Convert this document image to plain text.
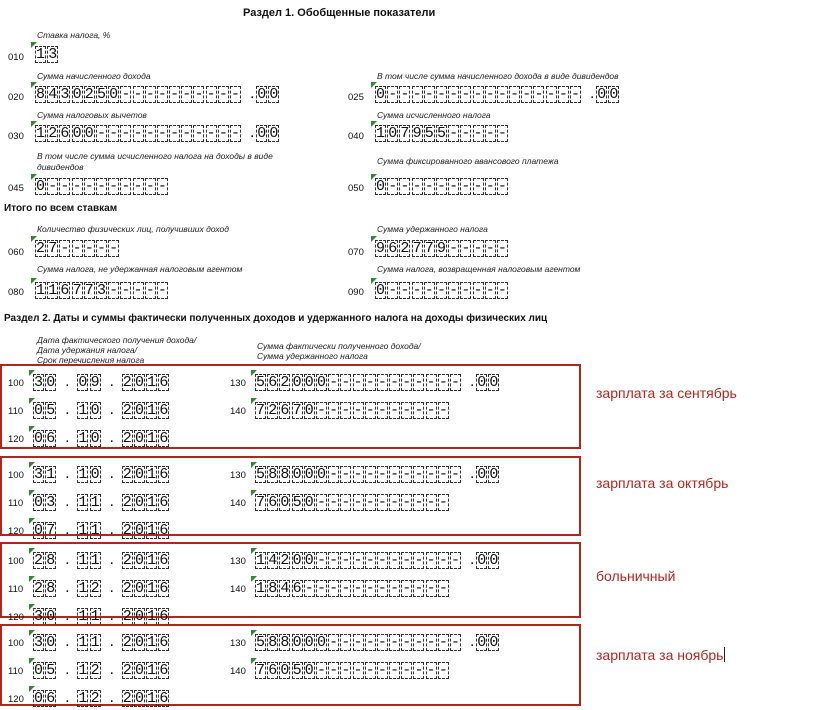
Раздел 1. Обобщенные показатели
Итого по всем ставкам
Ставка налога, %
010 1 3
Сумма начисленного дохода
020 8 4 3 0 2 5 0 - - - - - - - - - - . 0 0
В том числе сумма начисленного дохода в виде дивидендов
025 0 - - - - - - - - - - - - - - - - . 0 0
Сумма налоговых вычетов
030 1 2 6 0 0 - - - - - - - - - - - - . 0 0
Сумма исчисленного налога
040 1 0 7 9 5 5 - - - - -
В том числе сумма исчисленного налога на доходы в виде дивидендов
045 0 - - - - - - - - - -
Сумма фиксированного авансового платежа
050 0 - - - - - - - - - -
Количество физических лиц, получивших доход
060 2 7 - - - - -
Сумма удержанного налога
070 9 6 2 7 7 9 - - - - -
Сумма налога, не удержанная налоговым агентом
080 1 1 6 7 7 3 - - - - -
Сумма налога, возвращенная налоговым агентом
090 0 - - - - - - - - - -
Раздел 2. Даты и суммы фактически полученных доходов и удержанного налога на доходы физических лиц
Дата фактического получения дохода/
Дата удержания налога/
Срок перечисления налога
Сумма фактически полученного дохода/
Сумма удержанного налога
100 3 0 . 0 9 . 2 0 1 6
110 0 5 . 1 0 . 2 0 1 6
120 0 6 . 1 0 . 2 0 1 6
130 5 6 2 0 0 0 - - - - - - - - - - - . 0 0
140 7 2 6 7 0 - - - - - - - - - - -
зарплата за сентябрь
100 3 1 . 1 0 . 2 0 1 6
110 0 3 . 1 1 . 2 0 1 6
120 0 7 . 1 1 . 2 0 1 6
130 5 8 8 0 0 0 - - - - - - - - - - - . 0 0
140 7 6 0 5 0 - - - - - - - - - - -
зарплата за октябрь
100 2 8 . 1 1 . 2 0 1 6
110 2 8 . 1 2 . 2 0 1 6
120 3 0 . 1 1 . 2 0 1 6
130 1 4 2 0 0 - - - - - - - - - - - - . 0 0
140 1 8 4 6 - - - - - - - - - - - -
больничный
100 3 0 . 1 1 . 2 0 1 6
110 0 5 . 1 2 . 2 0 1 6
120 0 6 . 1 2 . 2 0 1 6
130 5 8 8 0 0 0 - - - - - - - - - - - . 0 0
140 7 6 0 5 0 - - - - - - - - - - -
зарплата за ноябрь
